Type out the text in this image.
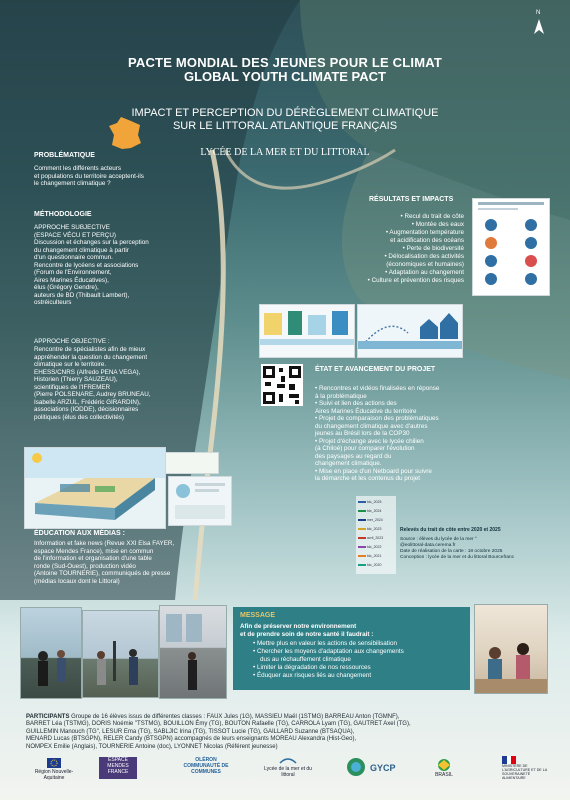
PACTE MONDIAL DES JEUNES POUR LE CLIMAT
GLOBAL YOUTH CLIMATE PACT
IMPACT ET PERCEPTION DU DÉRÈGLEMENT CLIMATIQUE
SUR LE LITTORAL ATLANTIQUE FRANÇAIS
LYCÉE DE LA MER ET DU LITTORAL
N
PROBLÉMATIQUE
Comment les différents acteurs
et populations du territoire acceptent-ils
le changement climatique ?
MÉTHODOLOGIE
APPROCHE SUBJECTIVE
(ESPACE VÉCU ET PERÇU)
Discussion et échanges sur la perception
du changement climatique à partir
d'un questionnaire commun.
Rencontre de lycéens et associations
(Forum de l'Environnement,
Aires Marines Éducatives),
élus (Grégory Gendre),
auteurs de BD (Thibault Lambert),
ostréiculteurs
APPROCHE OBJECTIVE :
Rencontre de spécialistes afin de mieux
appréhender la question du changement
climatique sur le territoire.
EHESS/CNRS (Alfredo PENA VEGA),
Historien (Thierry SAUZEAU),
scientifiques de l'IFREMER
(Pierre POLSENARE, Audrey BRUNEAU,
Isabelle ARZUL, Frédéric GIRARDIN),
associations (IODDE), décisionnaires
politiques (élus des collectivités)
ÉDUCATION AUX MÉDIAS :
Information et fake news (Revue XXI Elsa FAYER,
espace Mendes France), mise en commun
de l'information et organisation d'une table
ronde (Sud-Ouest), production vidéo
(Antoine TOURNERIE), communiqués de presse
(médias locaux dont le Littoral)
RÉSULTATS ET IMPACTS
• Recul du trait de côte
• Montée des eaux
• Augmentation température
et acidification des océans
• Perte de biodiversité
• Délocalisation des activités
(économiques et humaines)
• Adaptation au changement
• Culture et prévention des risques
ÉTAT ET AVANCEMENT DU PROJET
• Rencontres et vidéos finalisées en réponse
à la problématique
• Suivi et lien des actions des
Aires Marines Éducative du territoire
• Projet de comparaison des problématiques
du changement climatique avec d'autres
jeunes au Brésil lors de la COP30
• Projet d'échange avec le lycée chilien
(à Chiloé) pour comparer l'évolution
des paysages au regard du
changement climatique.
• Mise en place d'un Netboard pour suivre
la démarche et les contenus du projet
tdc_2025
tdc_2024
mer_2024
tdc_2023
avril_2023
tdc_2022
tdc_2021
tdc_2020
Relevés du trait de côte entre 2020 et 2025
Source : élèves du lycée de la mer °
@eolittoral-data.cerema.fr
Date de réalisation de la carte : 18 octobre 2025
Conception : lycée de la mer et du littoral Bourcefranc
MESSAGE
Afin de préserver notre environnement
et de prendre soin de notre santé il faudrait :
• Mettre plus en valeur les actions de sensibilisation
• Chercher les moyens d'adaptation aux changements
dus au réchauffement climatique
• Limiter la dégradation de nos ressources
• Éduquer aux risques liés au changement

PARTICIPANTS Groupe de 16 élèves issus de différentes classes : FAUX Jules (1G), MASSIEU Maël (1STMG) BARREAU Anton (TGMNF),
BARRET Léa (TSTMG), DORIS Noémie "TSTMG), BOUILLON Émy (TG), BOUTON Rafaelle (TG), CARROLA Lyam (TG), GAUTRET Axel (TG),
GUILLEMIN Manouch (TG", LESUR Ema (TG), SABLJIC Irina (TG), TISSOT Lucie (TG), GAILLARD Suzanne (BTSAQUA),
MENARD Lucas (BTSGPN), RELER Candy (BTSGPN) accompagnés de leurs enseignants MOREAU Alexandra (Hist-Geo),
NOMPEX Emilie (Anglais), TOURNERIE Antoine (doc), LYONNET Nicolas (Référent jeunesse)

Région Nouvelle-Aquitaine
ESPACE MENDES FRANCE
OLÉRON COMMUNAUTÉ DE COMMUNES	Lycée de la mer et du littoral
GYCP
BRASIL
MINISTÈRE DE L'AGRICULTURE ET DE LA SOUVERAINETÉ ALIMENTAIRE
